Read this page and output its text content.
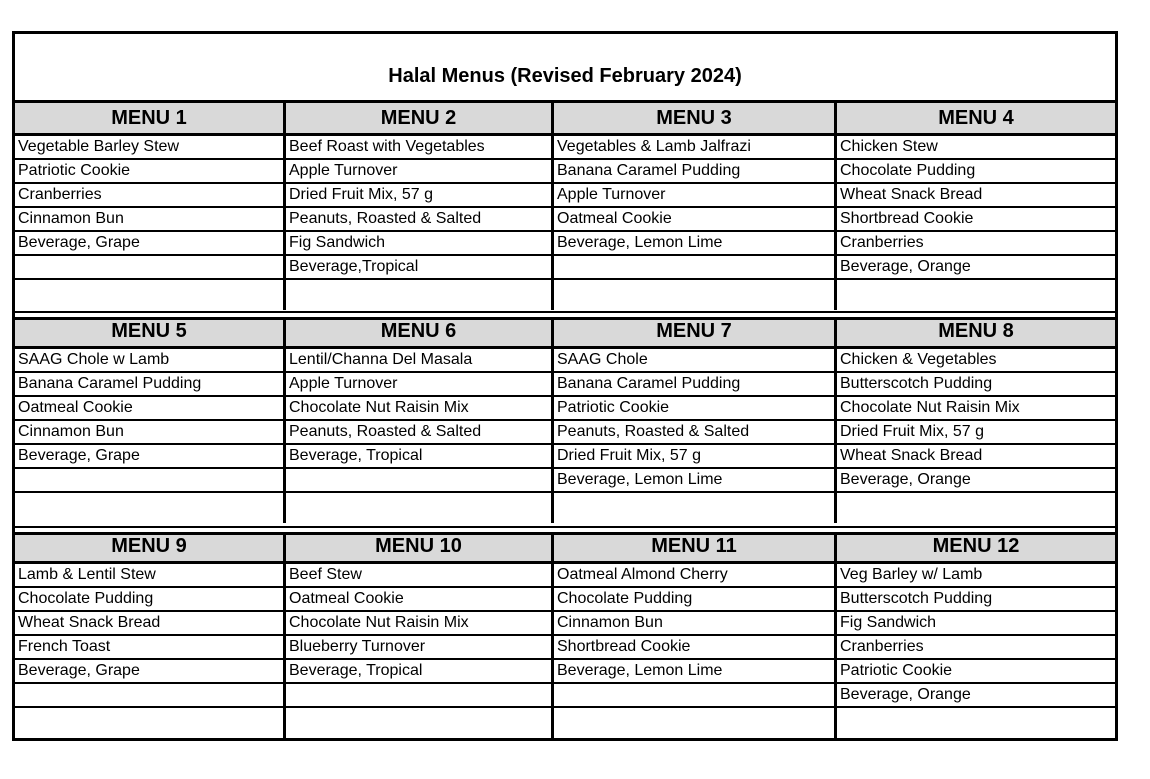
Halal Menus (Revised February 2024)
MENU 1
Vegetable Barley Stew
Patriotic Cookie
Cranberries
Cinnamon Bun
Beverage, Grape
MENU 2
Beef Roast with Vegetables
Apple Turnover
Dried Fruit Mix, 57 g
Peanuts, Roasted & Salted
Fig Sandwich
Beverage,Tropical
MENU 3
Vegetables & Lamb Jalfrazi
Banana Caramel Pudding
Apple Turnover
Oatmeal Cookie
Beverage, Lemon Lime
MENU 4
Chicken Stew
Chocolate Pudding
Wheat Snack Bread
Shortbread Cookie
Cranberries
Beverage, Orange
MENU 5
SAAG Chole w Lamb
Banana Caramel Pudding
Oatmeal Cookie
Cinnamon Bun
Beverage, Grape
MENU 6
Lentil/Channa Del Masala
Apple Turnover
Chocolate Nut Raisin Mix
Peanuts, Roasted & Salted
Beverage, Tropical
MENU 7
SAAG Chole
Banana Caramel Pudding
Patriotic Cookie
Peanuts, Roasted & Salted
Dried Fruit Mix, 57 g
Beverage, Lemon Lime
MENU 8
Chicken & Vegetables
Butterscotch Pudding
Chocolate Nut Raisin Mix
Dried Fruit Mix, 57 g
Wheat Snack Bread
Beverage, Orange
MENU 9
Lamb & Lentil Stew
Chocolate Pudding
Wheat Snack Bread
French Toast
Beverage, Grape
MENU 10
Beef Stew
Oatmeal Cookie
Chocolate Nut Raisin Mix
Blueberry Turnover
Beverage, Tropical
MENU 11
Oatmeal Almond Cherry
Chocolate Pudding
Cinnamon Bun
Shortbread Cookie
Beverage, Lemon Lime
MENU 12
Veg Barley w/ Lamb
Butterscotch Pudding
Fig Sandwich
Cranberries
Patriotic Cookie
Beverage, Orange
